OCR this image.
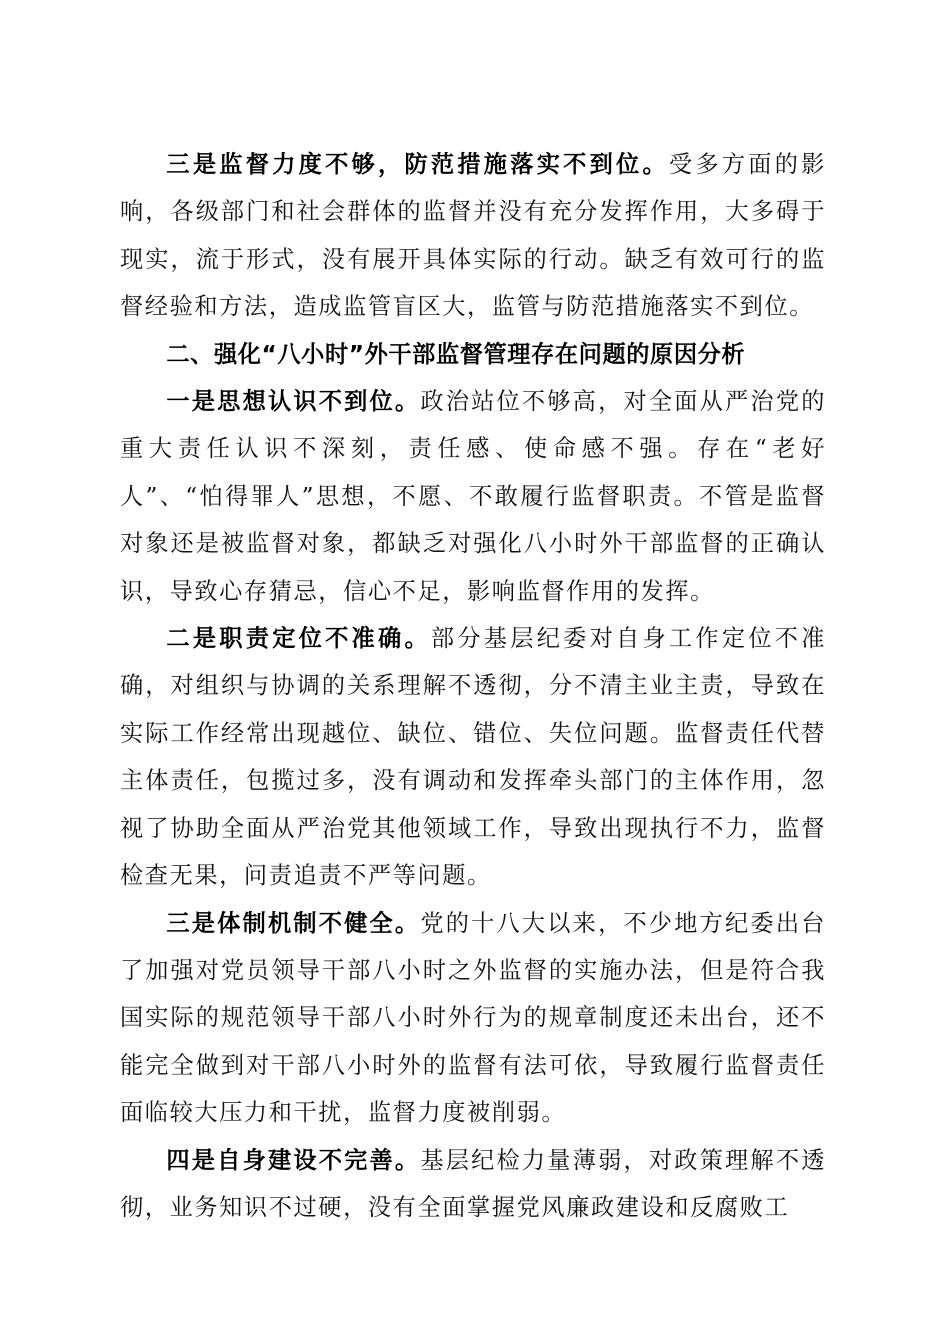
三是监督力度不够，防范措施落实不到位。受多方面的影响，各级部门和社会群体的监督并没有充分发挥作用，大多碍于现实，流于形式，没有展开具体实际的行动。缺乏有效可行的监督经验和方法，造成监管盲区大，监管与防范措施落实不到位。

二、强化“八小时”外干部监督管理存在问题的原因分析

一是思想认识不到位。政治站位不够高，对全面从严治党的重大责任认识不深刻，责任感、使命感不强。存在“老好人”、“怕得罪人”思想，不愿、不敢履行监督职责。不管是监督对象还是被监督对象，都缺乏对强化八小时外干部监督的正确认识，导致心存猜忌，信心不足，影响监督作用的发挥。

二是职责定位不准确。部分基层纪委对自身工作定位不准确，对组织与协调的关系理解不透彻，分不清主业主责，导致在实际工作经常出现越位、缺位、错位、失位问题。监督责任代替主体责任，包揽过多，没有调动和发挥牵头部门的主体作用，忽视了协助全面从严治党其他领域工作，导致出现执行不力，监督检查无果，问责追责不严等问题。

三是体制机制不健全。党的十八大以来，不少地方纪委出台了加强对党员领导干部八小时之外监督的实施办法，但是符合我国实际的规范领导干部八小时外行为的规章制度还未出台，还不能完全做到对干部八小时外的监督有法可依，导致履行监督责任面临较大压力和干扰，监督力度被削弱。

四是自身建设不完善。基层纪检力量薄弱，对政策理解不透彻，业务知识不过硬，没有全面掌握党风廉政建设和反腐败工
